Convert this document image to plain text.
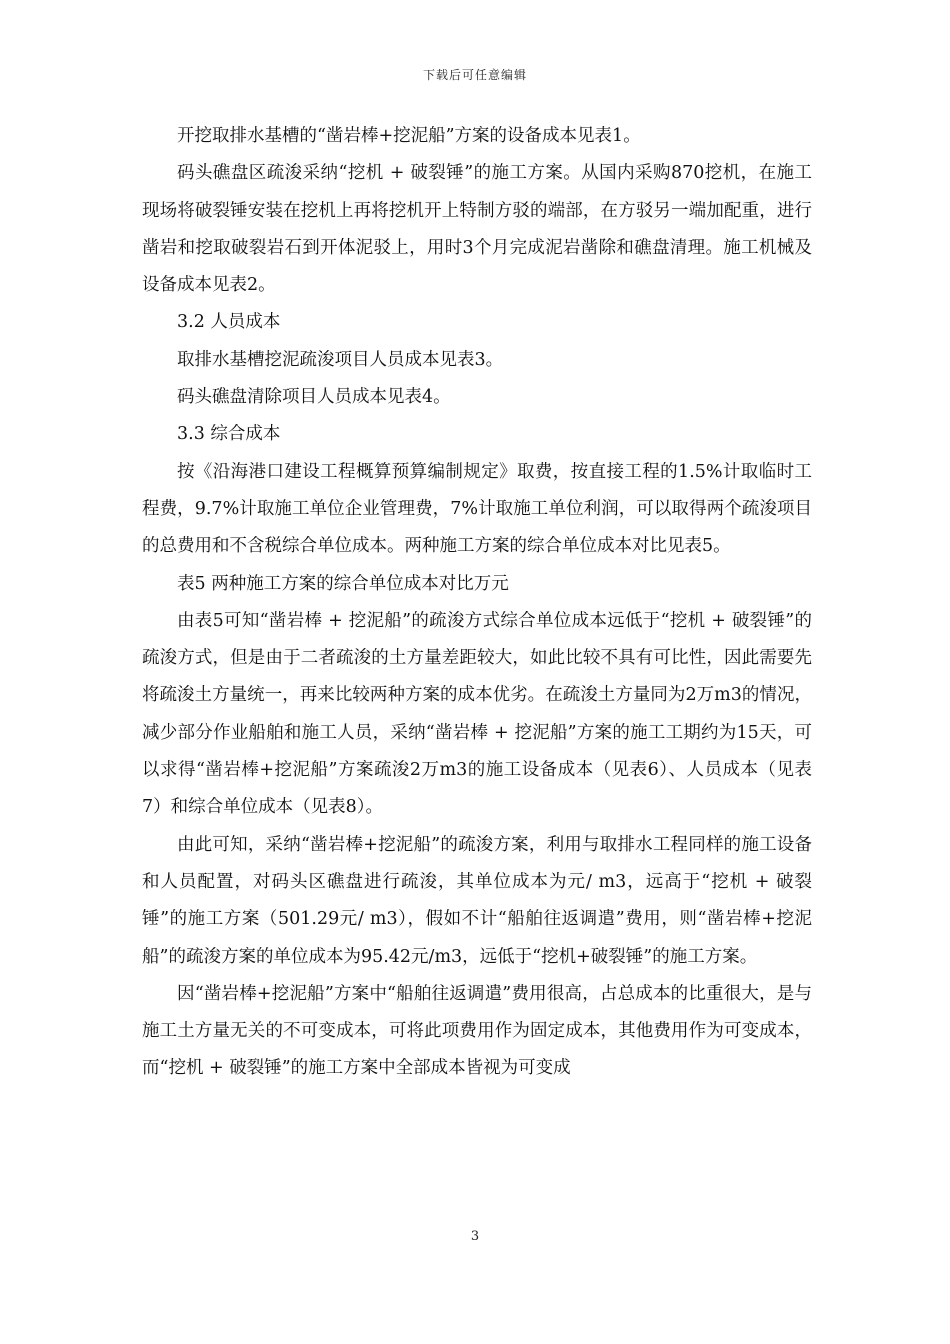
下载后可任意编辑

开挖取排水基槽的“凿岩棒+挖泥船”方案的设备成本见表1。

码头礁盘区疏浚采纳“挖机 + 破裂锤”的施工方案。从国内采购870挖机，在施工现场将破裂锤安装在挖机上再将挖机开上特制方驳的端部，在方驳另一端加配重，进行凿岩和挖取破裂岩石到开体泥驳上，用时3个月完成泥岩凿除和礁盘清理。施工机械及设备成本见表2。

3.2 人员成本

取排水基槽挖泥疏浚项目人员成本见表3。

码头礁盘清除项目人员成本见表4。

3.3 综合成本

按《沿海港口建设工程概算预算编制规定》取费，按直接工程的1.5%计取临时工程费，9.7%计取施工单位企业管理费，7%计取施工单位利润，可以取得两个疏浚项目的总费用和不含税综合单位成本。两种施工方案的综合单位成本对比见表5。

表5 两种施工方案的综合单位成本对比万元

由表5可知“凿岩棒 + 挖泥船”的疏浚方式综合单位成本远低于“挖机 + 破裂锤”的疏浚方式，但是由于二者疏浚的土方量差距较大，如此比较不具有可比性，因此需要先将疏浚土方量统一，再来比较两种方案的成本优劣。在疏浚土方量同为2万m3的情况，减少部分作业船舶和施工人员，采纳“凿岩棒 + 挖泥船”方案的施工工期约为15天，可以求得“凿岩棒+挖泥船”方案疏浚2万m3的施工设备成本（见表6）、人员成本（见表7）和综合单位成本（见表8）。

由此可知，采纳“凿岩棒+挖泥船”的疏浚方案，利用与取排水工程同样的施工设备和人员配置，对码头区礁盘进行疏浚，其单位成本为元/ m3，远高于“挖机 + 破裂锤”的施工方案（501.29元/ m3），假如不计“船舶往返调遣”费用，则“凿岩棒+挖泥船”的疏浚方案的单位成本为95.42元/m3，远低于“挖机+破裂锤”的施工方案。

因“凿岩棒+挖泥船”方案中“船舶往返调遣”费用很高，占总成本的比重很大，是与施工土方量无关的不可变成本，可将此项费用作为固定成本，其他费用作为可变成本，而“挖机 + 破裂锤”的施工方案中全部成本皆视为可变成

3
